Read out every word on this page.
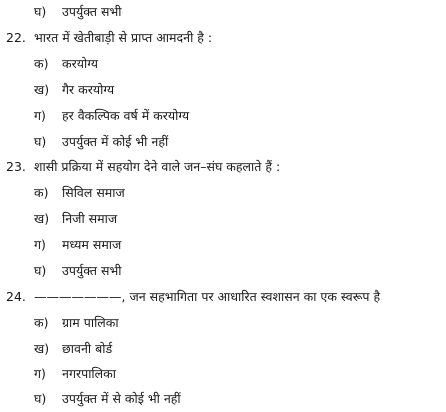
घ) उपर्युक्त सभी
22. भारत में खेतीबाड़ी से प्राप्त आमदनी है :
क) करयोग्य
ख) गैर करयोग्य
ग) हर वैकल्पिक वर्ष में करयोग्य
घ) उपर्युक्त में कोई भी नहीं
23. शासी प्रक्रिया में सहयोग देने वाले जन–संघ कहलाते हैं :
क) सिविल समाज
ख) निजी समाज
ग) मध्यम समाज
घ) उपर्युक्त सभी
24. ———————, जन सहभागिता पर आधारित स्वशासन का एक स्वरूप है
क) ग्राम पालिका
ख) छावनी बोर्ड
ग) नगरपालिका
घ) उपर्युक्त में से कोई भी नहीं
